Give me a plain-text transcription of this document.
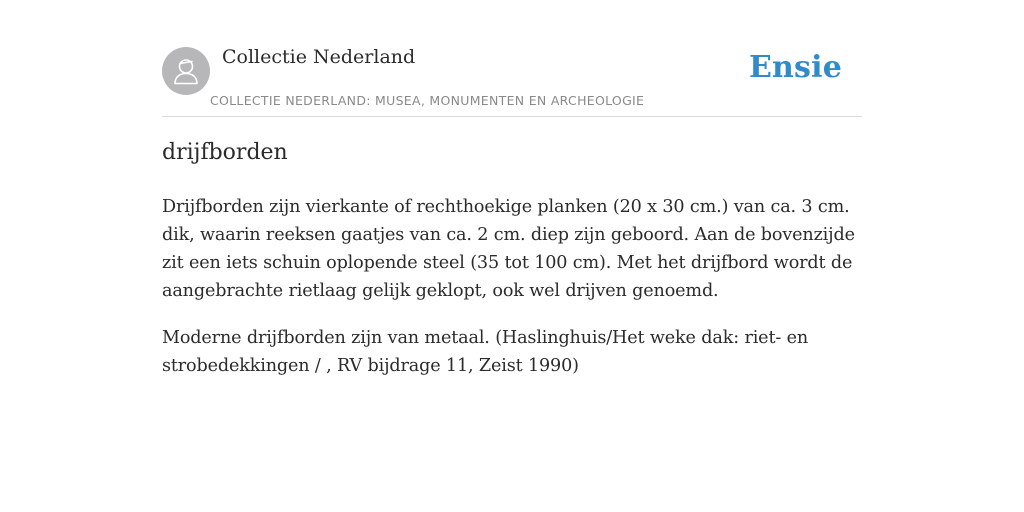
Collectie Nederland
COLLECTIE NEDERLAND: MUSEA, MONUMENTEN EN ARCHEOLOGIE
Ensie
drijfborden

Drijfborden zijn vierkante of rechthoekige planken (20 x 30 cm.) van ca. 3 cm. dik, waarin reeksen gaatjes van ca. 2 cm. diep zijn geboord. Aan de bovenzijde zit een iets schuin oplopende steel (35 tot 100 cm). Met het drijfbord wordt de aangebrachte rietlaag gelijk geklopt, ook wel drijven genoemd.

Moderne drijfborden zijn van metaal. (Haslinghuis/Het weke dak: riet- en strobedekkingen / , RV bijdrage 11, Zeist 1990)
